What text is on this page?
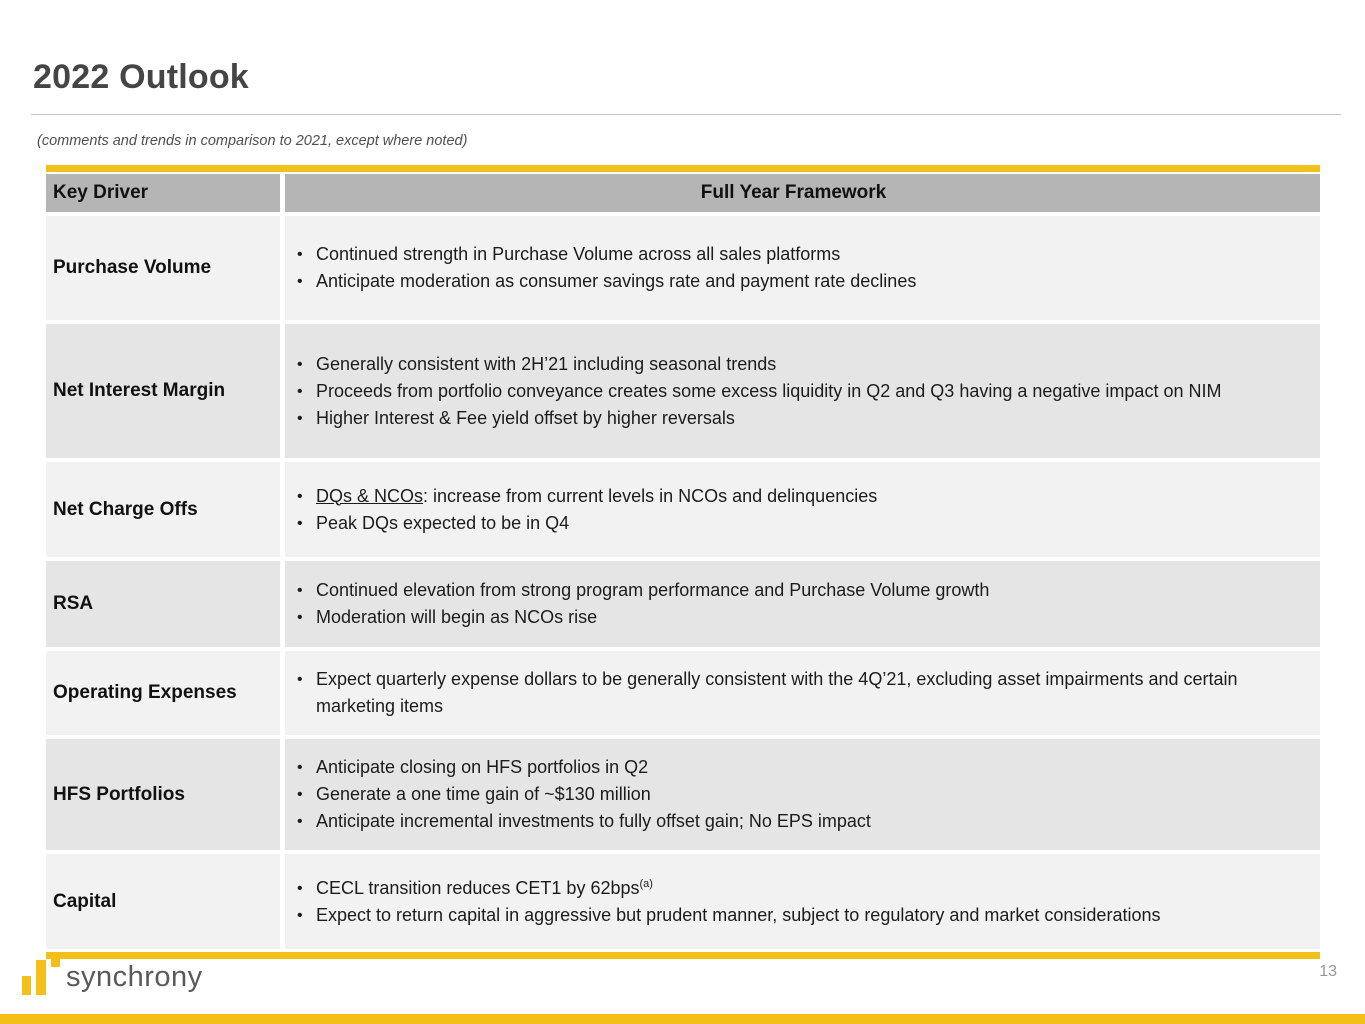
2022 Outlook
(comments and trends in comparison to 2021, except where noted)
Key Driver	Full Year Framework
Purchase Volume
• Continued strength in Purchase Volume across all sales platforms
• Anticipate moderation as consumer savings rate and payment rate declines
Net Interest Margin
• Generally consistent with 2H’21 including seasonal trends
• Proceeds from portfolio conveyance creates some excess liquidity in Q2 and Q3 having a negative impact on NIM
• Higher Interest & Fee yield offset by higher reversals
Net Charge Offs
• DQs & NCOs: increase from current levels in NCOs and delinquencies
• Peak DQs expected to be in Q4
RSA
• Continued elevation from strong program performance and Purchase Volume growth
• Moderation will begin as NCOs rise
Operating Expenses
• Expect quarterly expense dollars to be generally consistent with the 4Q’21, excluding asset impairments and certain marketing items
HFS Portfolios
• Anticipate closing on HFS portfolios in Q2
• Generate a one time gain of ~$130 million
• Anticipate incremental investments to fully offset gain; No EPS impact
Capital
• CECL transition reduces CET1 by 62bps$^{(a)}$
• Expect to return capital in aggressive but prudent manner, subject to regulatory and market considerations
synchrony	13
